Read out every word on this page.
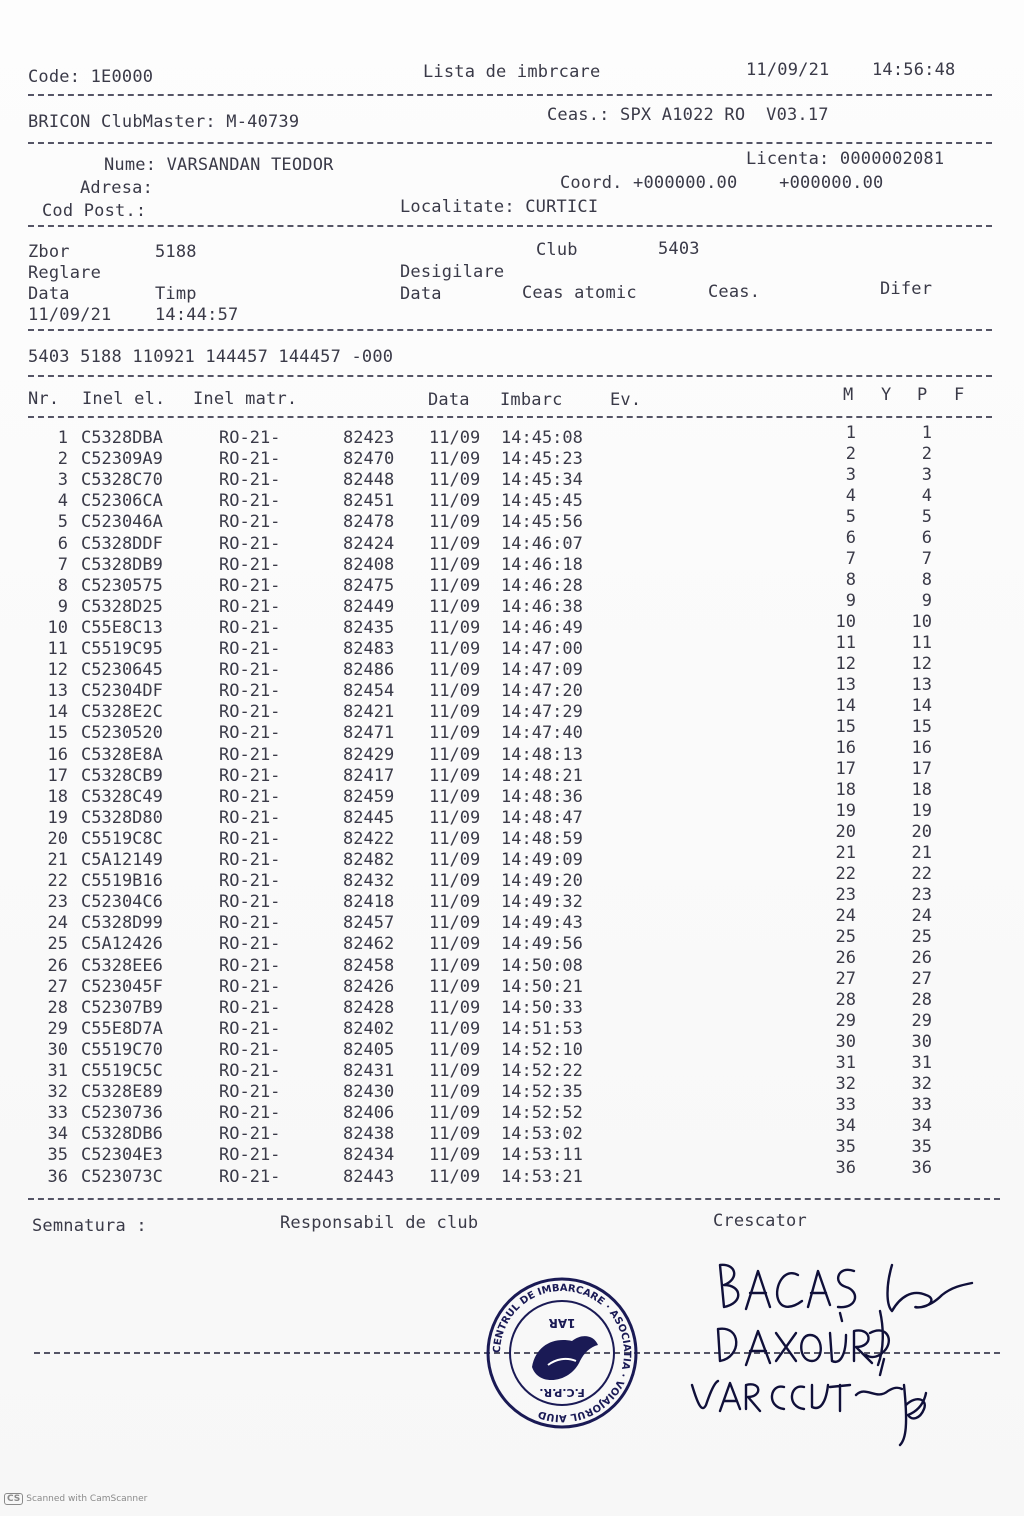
Code: 1E0000	Lista de imbrcare	11/09/21	14:56:48
BRICON ClubMaster: M-40739	Ceas.: SPX A1022 RO  V03.17
Nume: VARSANDAN TEODOR	Licenta: 0000002081
Adresa:	Coord. +000000.00    +000000.00
Cod Post.:	Localitate: CURTICI
Zbor	5188	Club	5403
Reglare	Desigilare
Data	Timp	Data	Ceas atomic	Ceas.	Difer
11/09/21	14:44:57
5403 5188 110921 144457 144457 -000
Nr. Inel el. Inel matr.	Data Imbarc	Ev.	M Y P F
1 C5328DBA	RO-21-	82423 11/09 14:45:08	1	1
2 C52309A9	RO-21-	82470 11/09 14:45:23	2	2
3 C5328C70	RO-21-	82448 11/09 14:45:34	3	3
4 C52306CA	RO-21-	82451 11/09 14:45:45	4	4
5 C523046A	RO-21-	82478 11/09 14:45:56	5	5
6 C5328DDF	RO-21-	82424 11/09 14:46:07	6	6
7 C5328DB9	RO-21-	82408 11/09 14:46:18	7	7
8 C5230575	RO-21-	82475 11/09 14:46:28	8	8
9 C5328D25	RO-21-	82449 11/09 14:46:38	9	9
10 C55E8C13	RO-21-	82435 11/09 14:46:49	10	10
11 C5519C95	RO-21-	82483 11/09 14:47:00	11	11
12 C5230645	RO-21-	82486 11/09 14:47:09	12	12
13 C52304DF	RO-21-	82454 11/09 14:47:20	13	13
14 C5328E2C	RO-21-	82421 11/09 14:47:29	14	14
15 C5230520	RO-21-	82471 11/09 14:47:40	15	15
16 C5328E8A	RO-21-	82429 11/09 14:48:13	16	16
17 C5328CB9	RO-21-	82417 11/09 14:48:21	17	17
18 C5328C49	RO-21-	82459 11/09 14:48:36	18	18
19 C5328D80	RO-21-	82445 11/09 14:48:47	19	19
20 C5519C8C	RO-21-	82422 11/09 14:48:59	20	20
21 C5A12149	RO-21-	82482 11/09 14:49:09	21	21
22 C5519B16	RO-21-	82432 11/09 14:49:20	22	22
23 C52304C6	RO-21-	82418 11/09 14:49:32	23	23
24 C5328D99	RO-21-	82457 11/09 14:49:43	24	24
25 C5A12426	RO-21-	82462 11/09 14:49:56	25	25
26 C5328EE6	RO-21-	82458 11/09 14:50:08	26	26
27 C523045F	RO-21-	82426 11/09 14:50:21	27	27
28 C52307B9	RO-21-	82428 11/09 14:50:33	28	28
29 C55E8D7A	RO-21-	82402 11/09 14:51:53	29	29
30 C5519C70	RO-21-	82405 11/09 14:52:10	30	30
31 C5519C5C	RO-21-	82431 11/09 14:52:22	31	31
32 C5328E89	RO-21-	82430 11/09 14:52:35	32	32
33 C5230736	RO-21-	82406 11/09 14:52:52	33	33
34 C5328DB6	RO-21-	82438 11/09 14:53:02	34	34
35 C52304E3	RO-21-	82434 11/09 14:53:11	35	35
36 C523073C	RO-21-	82443 11/09 14:53:21	36	36
Semnatura :	Responsabil de club	Crescator
CENTRUL DE IMBARCARE · ASOCIATIA · VOIAJORUL AIUD
1AR
F.C.P.R.
CS Scanned with CamScanner
